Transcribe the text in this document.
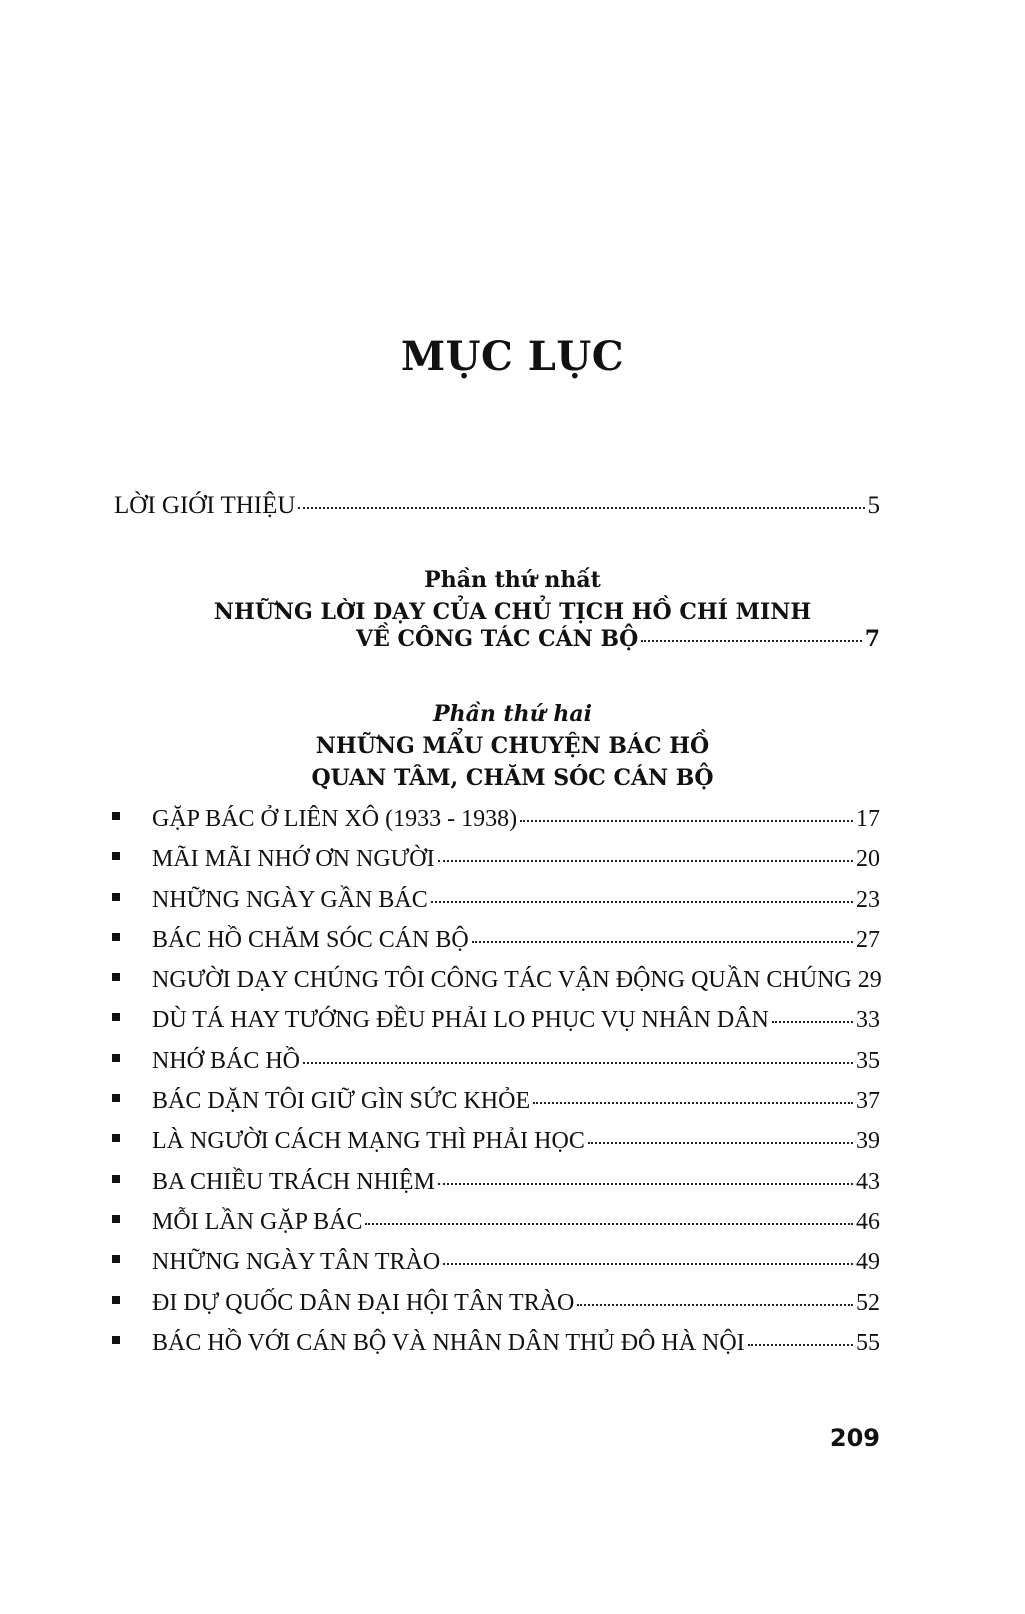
MỤC LỤC
LỜI GIỚI THIỆU	5
Phần thứ nhất
NHỮNG LỜI DẠY CỦA CHỦ TỊCH HỒ CHÍ MINH
VỀ CÔNG TÁC CÁN BỘ	7
Phần thứ hai
NHỮNG MẨU CHUYỆN BÁC HỒ
QUAN TÂM, CHĂM SÓC CÁN BỘ
GẶP BÁC Ở LIÊN XÔ (1933 - 1938)	17
MÃI MÃI NHỚ ƠN NGƯỜI	20
NHỮNG NGÀY GẦN BÁC	23
BÁC HỒ CHĂM SÓC CÁN BỘ	27
NGƯỜI DẠY CHÚNG TÔI CÔNG TÁC VẬN ĐỘNG QUẦN CHÚNG 29
DÙ TÁ HAY TƯỚNG ĐỀU PHẢI LO PHỤC VỤ NHÂN DÂN	33
NHỚ BÁC HỒ	35
BÁC DẶN TÔI GIỮ GÌN SỨC KHỎE	37
LÀ NGƯỜI CÁCH MẠNG THÌ PHẢI HỌC	39
BA CHIỀU TRÁCH NHIỆM	43
MỖI LẦN GẶP BÁC	46
NHỮNG NGÀY TÂN TRÀO	49
ĐI DỰ QUỐC DÂN ĐẠI HỘI TÂN TRÀO	52
BÁC HỒ VỚI CÁN BỘ VÀ NHÂN DÂN THỦ ĐÔ HÀ NỘI	55
209
